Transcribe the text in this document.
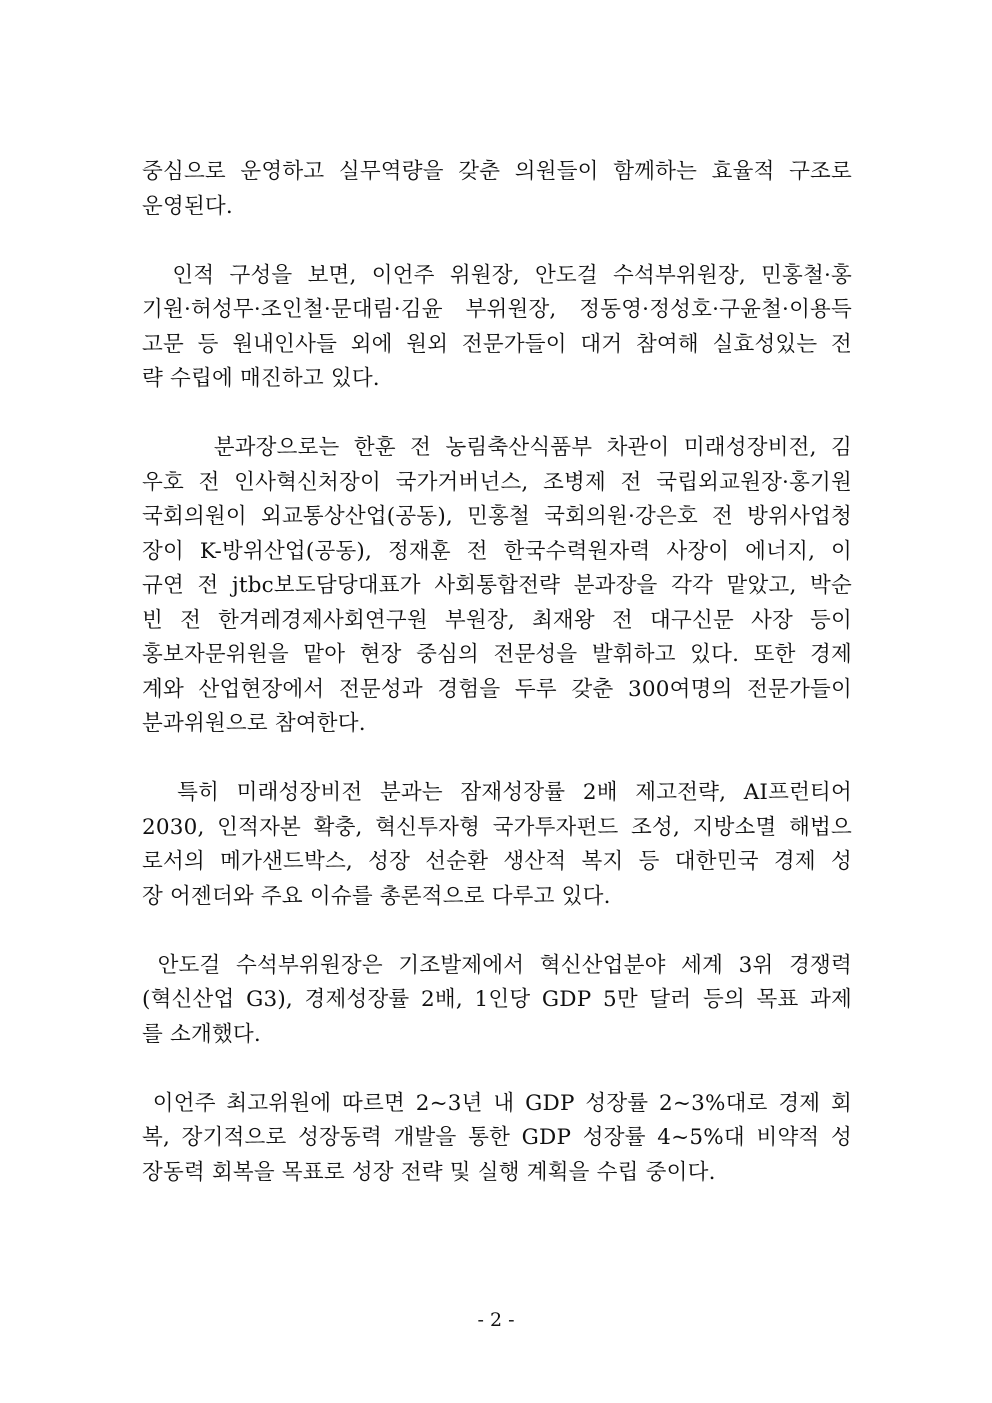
중심으로 운영하고 실무역량을 갖춘 의원들이 함께하는 효율적 구조로
운영된다.
인적 구성을 보면, 이언주 위원장, 안도걸 수석부위원장, 민홍철·홍
기원·허성무·조인철·문대림·김윤 부위원장, 정동영·정성호·구윤철·이용득
고문 등 원내인사들 외에 원외 전문가들이 대거 참여해 실효성있는 전
략 수립에 매진하고 있다.
분과장으로는 한훈 전 농림축산식품부 차관이 미래성장비전, 김
우호 전 인사혁신처장이 국가거버넌스, 조병제 전 국립외교원장·홍기원
국회의원이 외교통상산업(공동), 민홍철 국회의원·강은호 전 방위사업청
장이 K-방위산업(공동), 정재훈 전 한국수력원자력 사장이 에너지, 이
규연 전 jtbc보도담당대표가 사회통합전략 분과장을 각각 맡았고, 박순
빈 전 한겨레경제사회연구원 부원장, 최재왕 전 대구신문 사장 등이
홍보자문위원을 맡아 현장 중심의 전문성을 발휘하고 있다. 또한 경제
계와 산업현장에서 전문성과 경험을 두루 갖춘 300여명의 전문가들이
분과위원으로 참여한다.
특히 미래성장비전 분과는 잠재성장률 2배 제고전략, AI프런티어
2030, 인적자본 확충, 혁신투자형 국가투자펀드 조성, 지방소멸 해법으
로서의 메가샌드박스, 성장 선순환 생산적 복지 등 대한민국 경제 성
장 어젠더와 주요 이슈를 총론적으로 다루고 있다.
안도걸 수석부위원장은 기조발제에서 혁신산업분야 세계 3위 경쟁력
(혁신산업 G3), 경제성장률 2배, 1인당 GDP 5만 달러 등의 목표 과제
를 소개했다.
이언주 최고위원에 따르면 2~3년 내 GDP 성장률 2~3%대로 경제 회
복, 장기적으로 성장동력 개발을 통한 GDP 성장률 4~5%대 비약적 성
장동력 회복을 목표로 성장 전략 및 실행 계획을 수립 중이다.
- 2 -
